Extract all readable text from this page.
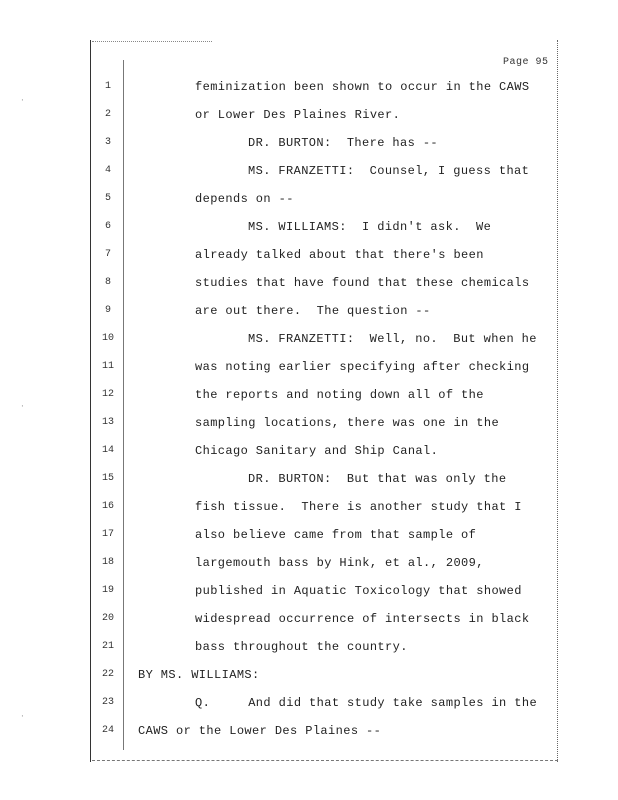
Page 95
1	feminization been shown to occur in the CAWS
2	or Lower Des Plaines River.
3	DR. BURTON:  There has --
4	MS. FRANZETTI:  Counsel, I guess that
5	depends on --
6	MS. WILLIAMS:  I didn't ask.  We
7	already talked about that there's been
8	studies that have found that these chemicals
9	are out there.  The question --
10	MS. FRANZETTI:  Well, no.  But when he
11	was noting earlier specifying after checking
12	the reports and noting down all of the
13	sampling locations, there was one in the
14	Chicago Sanitary and Ship Canal.
15	DR. BURTON:  But that was only the
16	fish tissue.  There is another study that I
17	also believe came from that sample of
18	largemouth bass by Hink, et al., 2009,
19	published in Aquatic Toxicology that showed
20	widespread occurrence of intersects in black
21	bass throughout the country.
22	BY MS. WILLIAMS:
23	Q.     And did that study take samples in the
24	CAWS or the Lower Des Plaines --
·
·
·
